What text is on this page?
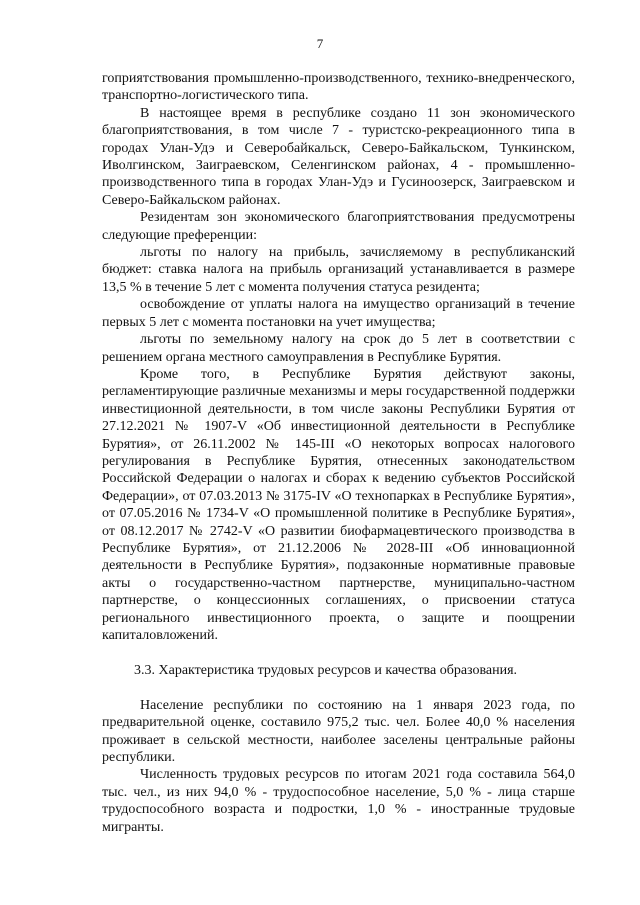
7

гоприятствования промышленно-производственного, технико-внедренческого, транспортно-логистического типа.

В настоящее время в республике создано 11 зон экономического благоприятствования, в том числе 7 - туристско-рекреационного типа в городах Улан-Удэ и Северобайкальск, Северо-Байкальском, Тункинском, Иволгинском, Заиграевском, Селенгинском районах, 4 - промышленно-производственного типа в городах Улан-Удэ и Гусиноозерск, Заиграевском и Северо-Байкальском районах.

Резидентам зон экономического благоприятствования предусмотрены следующие преференции:

льготы по налогу на прибыль, зачисляемому в республиканский бюджет: ставка налога на прибыль организаций устанавливается в размере 13,5 % в течение 5 лет с момента получения статуса резидента;

освобождение от уплаты налога на имущество организаций в течение первых 5 лет с момента постановки на учет имущества;

льготы по земельному налогу на срок до 5 лет в соответствии с решением органа местного самоуправления в Республике Бурятия.

Кроме того, в Республике Бурятия действуют законы, регламентирующие различные механизмы и меры государственной поддержки инвестиционной деятельности, в том числе законы Республики Бурятия от 27.12.2021 № 1907-V «Об инвестиционной деятельности в Республике Бурятия», от 26.11.2002 № 145-III «О некоторых вопросах налогового регулирования в Республике Бурятия, отнесенных законодательством Российской Федерации о налогах и сборах к ведению субъектов Российской Федерации», от 07.03.2013 № 3175-IV «О технопарках в Республике Бурятия», от 07.05.2016 № 1734-V «О промышленной политике в Республике Бурятия», от 08.12.2017 № 2742-V «О развитии биофармацевтического производства в Республике Бурятия», от 21.12.2006 № 2028-III «Об инновационной деятельности в Республике Бурятия», подзаконные нормативные правовые акты о государственно-частном партнерстве, муниципально-частном партнерстве, о концессионных соглашениях, о присвоении статуса регионального инвестиционного проекта, о защите и поощрении капиталовложений.

3.3. Характеристика трудовых ресурсов и качества образования.

Население республики по состоянию на 1 января 2023 года, по предварительной оценке, составило 975,2 тыс. чел. Более 40,0 % населения проживает в сельской местности, наиболее заселены центральные районы республики.

Численность трудовых ресурсов по итогам 2021 года составила 564,0 тыс. чел., из них 94,0 % - трудоспособное население, 5,0 % - лица старше трудоспособного возраста и подростки, 1,0 % - иностранные трудовые мигранты.
